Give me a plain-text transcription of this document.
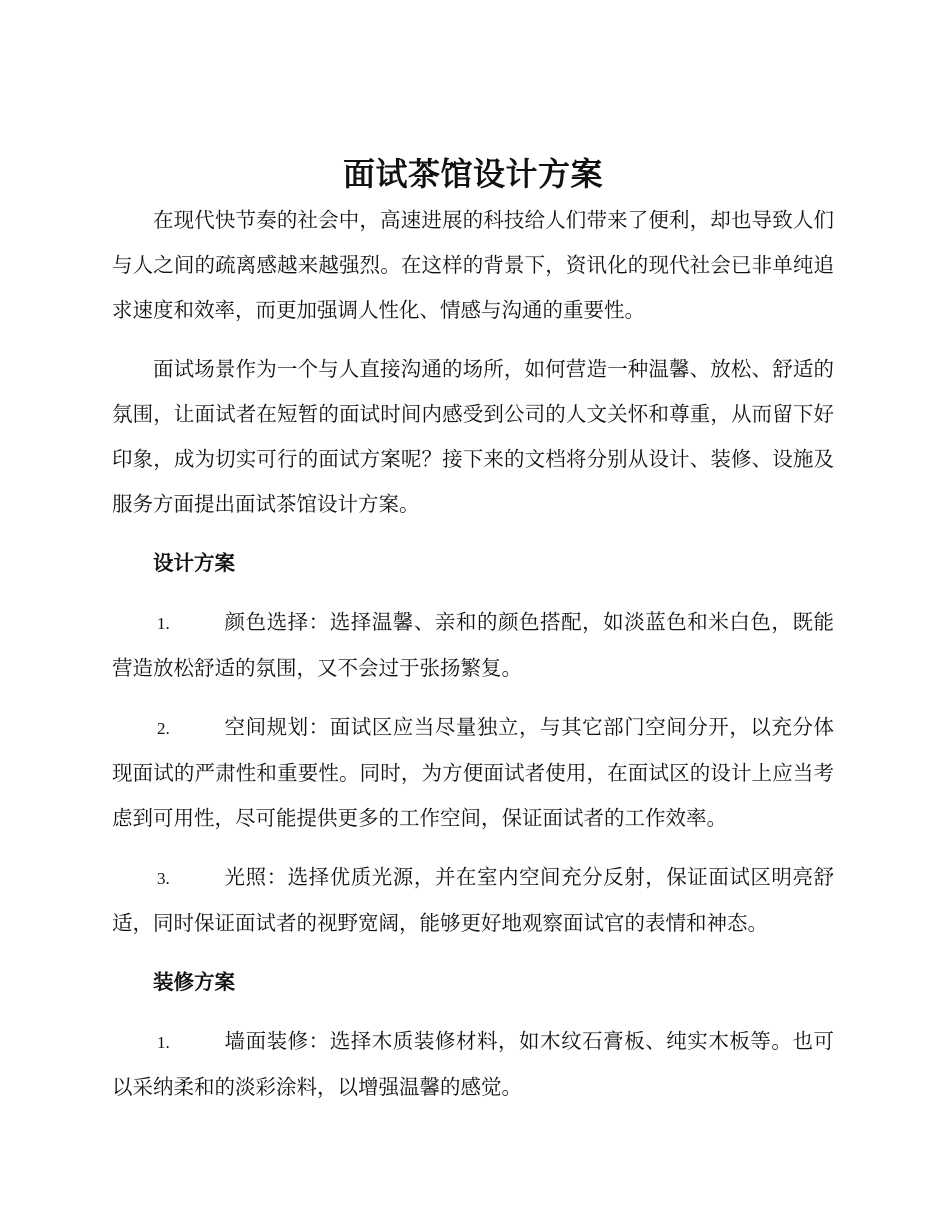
面试茶馆设计方案

在现代快节奏的社会中，高速进展的科技给人们带来了便利，却也导致人们与人之间的疏离感越来越强烈。在这样的背景下，资讯化的现代社会已非单纯追求速度和效率，而更加强调人性化、情感与沟通的重要性。

面试场景作为一个与人直接沟通的场所，如何营造一种温馨、放松、舒适的氛围，让面试者在短暂的面试时间内感受到公司的人文关怀和尊重，从而留下好印象，成为切实可行的面试方案呢？接下来的文档将分别从设计、装修、设施及服务方面提出面试茶馆设计方案。

设计方案

1.	颜色选择：选择温馨、亲和的颜色搭配，如淡蓝色和米白色，既能营造放松舒适的氛围，又不会过于张扬繁复。

2.	空间规划：面试区应当尽量独立，与其它部门空间分开，以充分体现面试的严肃性和重要性。同时，为方便面试者使用，在面试区的设计上应当考虑到可用性，尽可能提供更多的工作空间，保证面试者的工作效率。

3.	光照：选择优质光源，并在室内空间充分反射，保证面试区明亮舒适，同时保证面试者的视野宽阔，能够更好地观察面试官的表情和神态。

装修方案

1.	墙面装修：选择木质装修材料，如木纹石膏板、纯实木板等。也可以采纳柔和的淡彩涂料，以增强温馨的感觉。
